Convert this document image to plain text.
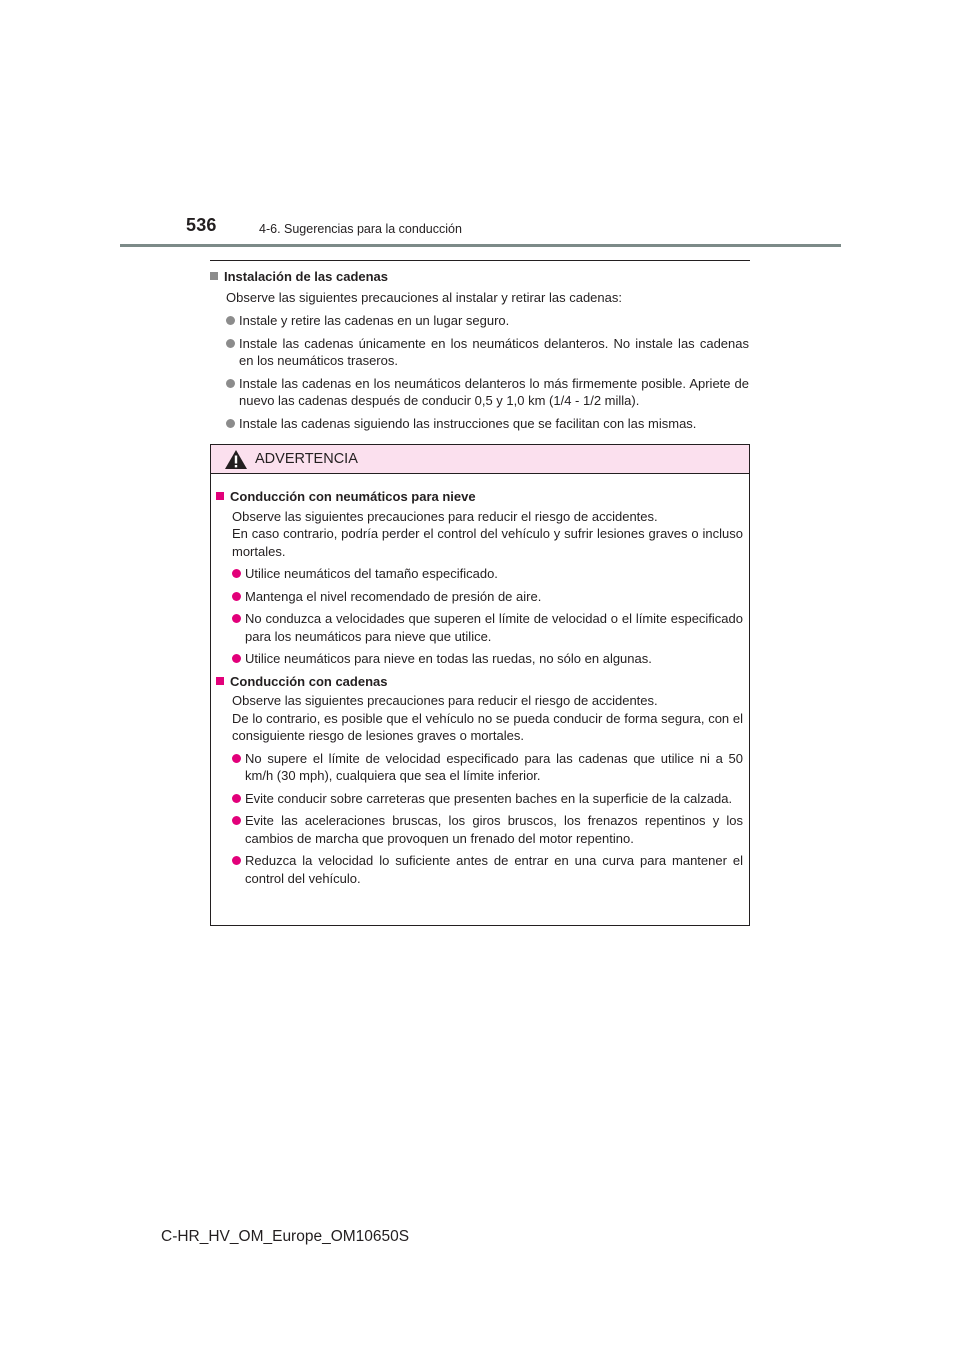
536	4-6. Sugerencias para la conducción
Instalación de las cadenas
Observe las siguientes precauciones al instalar y retirar las cadenas:
Instale y retire las cadenas en un lugar seguro.
Instale las cadenas únicamente en los neumáticos delanteros. No instale las cadenas en los neumáticos traseros.
Instale las cadenas en los neumáticos delanteros lo más firmemente posible. Apriete de nuevo las cadenas después de conducir 0,5 y 1,0 km (1/4 - 1/2 milla).
Instale las cadenas siguiendo las instrucciones que se facilitan con las mismas.
ADVERTENCIA
Conducción con neumáticos para nieve
Observe las siguientes precauciones para reducir el riesgo de accidentes.
En caso contrario, podría perder el control del vehículo y sufrir lesiones graves o incluso mortales.
Utilice neumáticos del tamaño especificado.
Mantenga el nivel recomendado de presión de aire.
No conduzca a velocidades que superen el límite de velocidad o el límite especificado para los neumáticos para nieve que utilice.
Utilice neumáticos para nieve en todas las ruedas, no sólo en algunas.
Conducción con cadenas
Observe las siguientes precauciones para reducir el riesgo de accidentes.
De lo contrario, es posible que el vehículo no se pueda conducir de forma segura, con el consiguiente riesgo de lesiones graves o mortales.
No supere el límite de velocidad especificado para las cadenas que utilice ni a 50 km/h (30 mph), cualquiera que sea el límite inferior.
Evite conducir sobre carreteras que presenten baches en la superficie de la calzada.
Evite las aceleraciones bruscas, los giros bruscos, los frenazos repentinos y los cambios de marcha que provoquen un frenado del motor repentino.
Reduzca la velocidad lo suficiente antes de entrar en una curva para mantener el control del vehículo.
C-HR_HV_OM_Europe_OM10650S
